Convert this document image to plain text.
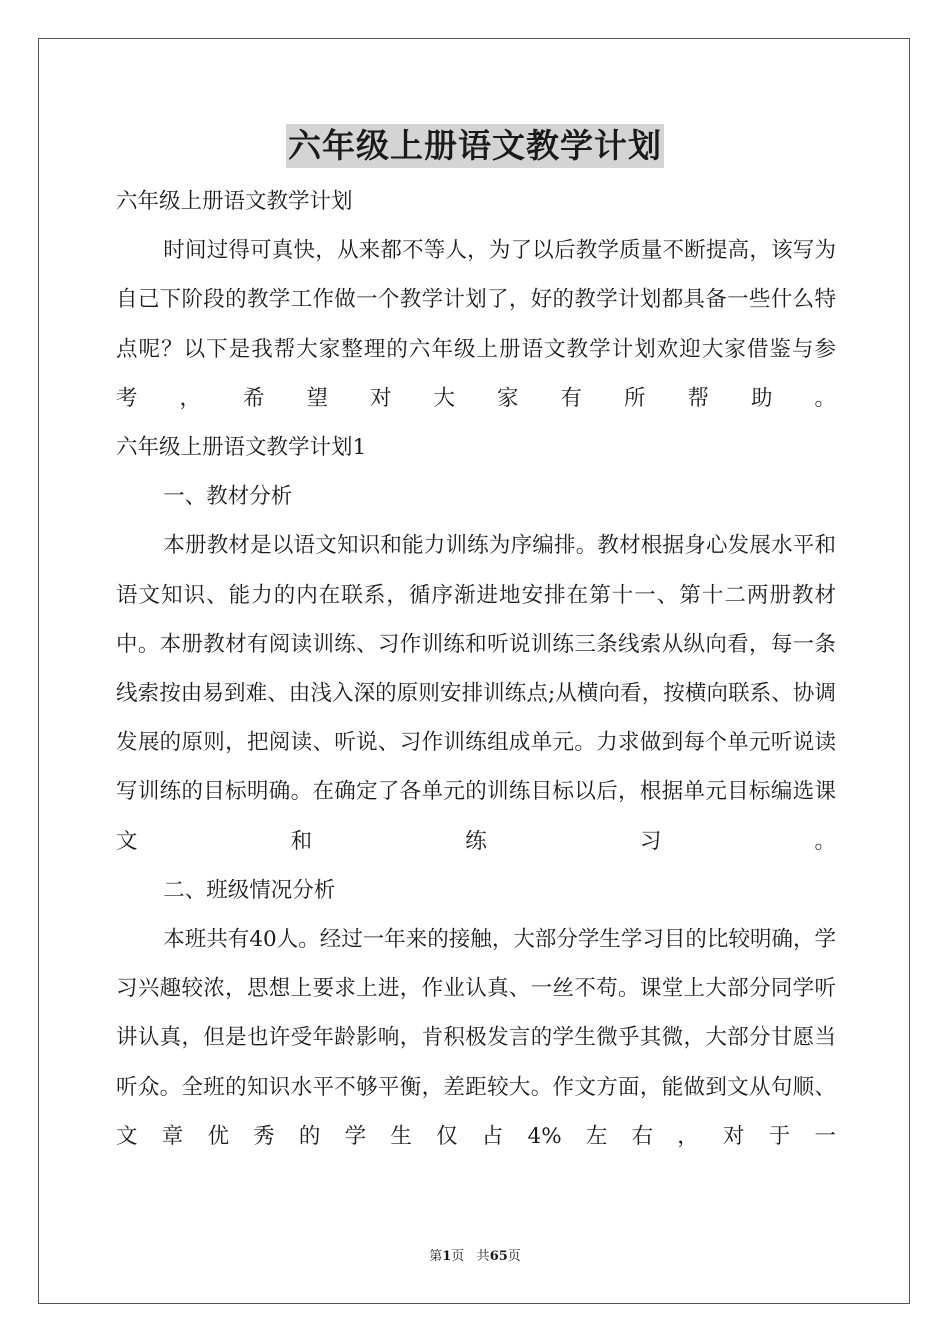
六年级上册语文教学计划

六年级上册语文教学计划

时间过得可真快，从来都不等人，为了以后教学质量不断提高，该写为自己下阶段的教学工作做一个教学计划了，好的教学计划都具备一些什么特点呢？以下是我帮大家整理的六年级上册语文教学计划欢迎大家借鉴与参考，希望对大家有所帮助。

六年级上册语文教学计划1

一、教材分析

本册教材是以语文知识和能力训练为序编排。教材根据身心发展水平和语文知识、能力的内在联系，循序渐进地安排在第十一、第十二两册教材中。本册教材有阅读训练、习作训练和听说训练三条线索从纵向看，每一条线索按由易到难、由浅入深的原则安排训练点;从横向看，按横向联系、协调发展的原则，把阅读、听说、习作训练组成单元。力求做到每个单元听说读写训练的目标明确。在确定了各单元的训练目标以后，根据单元目标编选课文和练习。

二、班级情况分析

本班共有40人。经过一年来的接触，大部分学生学习目的比较明确，学习兴趣较浓，思想上要求上进，作业认真、一丝不苟。课堂上大部分同学听讲认真，但是也许受年龄影响，肯积极发言的学生微乎其微，大部分甘愿当听众。全班的知识水平不够平衡，差距较大。作文方面，能做到文从句顺、文章优秀的学生仅占4%左右，对于一

第1页 共65页
